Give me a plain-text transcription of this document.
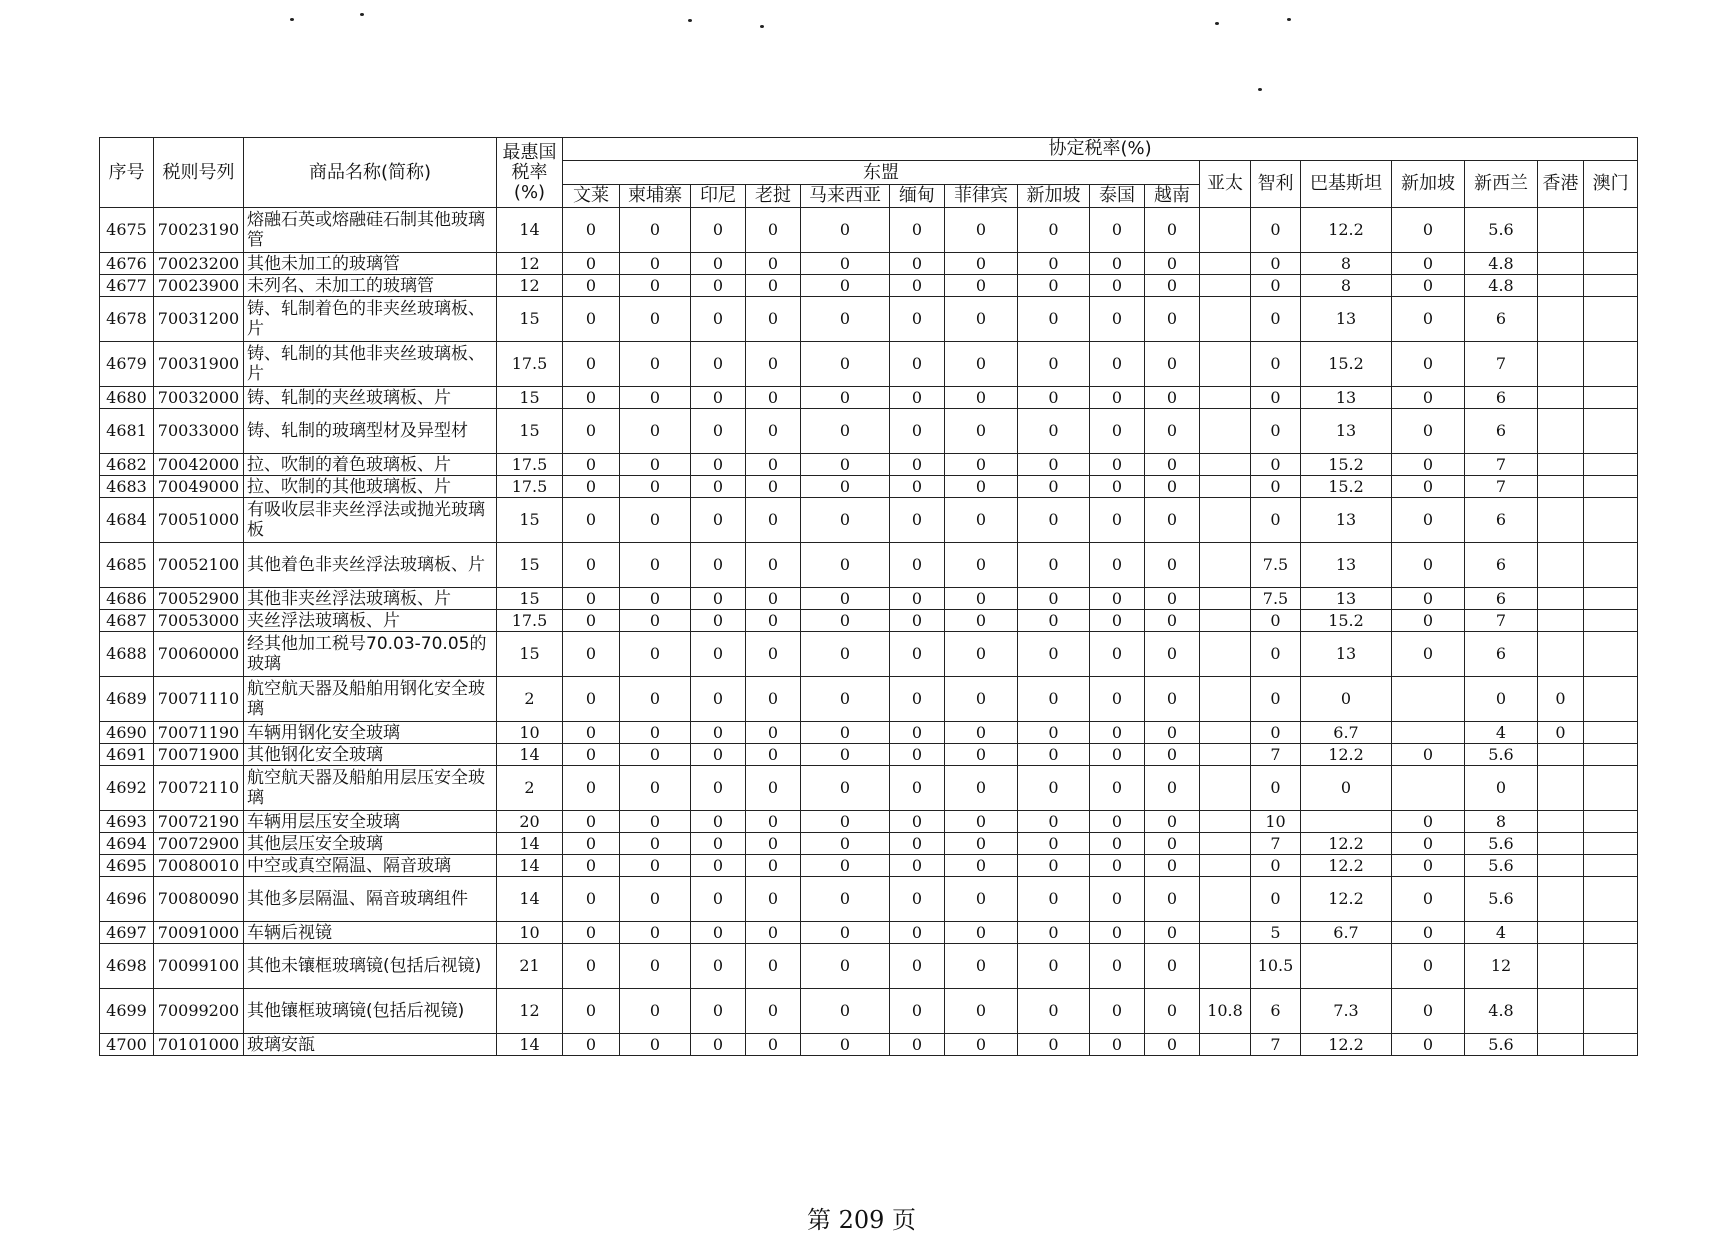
序号	税则号列	商品名称(简称)	最惠国税率(%)	协定税率(%)																
				东盟										亚太	智利	巴基斯坦	新加坡	新西兰	香港	澳门
				文莱	柬埔寨	印尼	老挝	马来西亚	缅甸	菲律宾	新加坡	泰国	越南							
4675	70023190	熔融石英或熔融硅石制其他玻璃管	14	0	0	0	0	0	0	0	0	0	0		0	12.2	0	5.6		
4676	70023200	其他未加工的玻璃管	12	0	0	0	0	0	0	0	0	0	0		0	8	0	4.8		
4677	70023900	未列名、未加工的玻璃管	12	0	0	0	0	0	0	0	0	0	0		0	8	0	4.8		
4678	70031200	铸、轧制着色的非夹丝玻璃板、片	15	0	0	0	0	0	0	0	0	0	0		0	13	0	6		
4679	70031900	铸、轧制的其他非夹丝玻璃板、片	17.5	0	0	0	0	0	0	0	0	0	0		0	15.2	0	7		
4680	70032000	铸、轧制的夹丝玻璃板、片	15	0	0	0	0	0	0	0	0	0	0		0	13	0	6		
4681	70033000	铸、轧制的玻璃型材及异型材	15	0	0	0	0	0	0	0	0	0	0		0	13	0	6		
4682	70042000	拉、吹制的着色玻璃板、片	17.5	0	0	0	0	0	0	0	0	0	0		0	15.2	0	7		
4683	70049000	拉、吹制的其他玻璃板、片	17.5	0	0	0	0	0	0	0	0	0	0		0	15.2	0	7		
4684	70051000	有吸收层非夹丝浮法或抛光玻璃板	15	0	0	0	0	0	0	0	0	0	0		0	13	0	6		
4685	70052100	其他着色非夹丝浮法玻璃板、片	15	0	0	0	0	0	0	0	0	0	0		7.5	13	0	6		
4686	70052900	其他非夹丝浮法玻璃板、片	15	0	0	0	0	0	0	0	0	0	0		7.5	13	0	6		
4687	70053000	夹丝浮法玻璃板、片	17.5	0	0	0	0	0	0	0	0	0	0		0	15.2	0	7		
4688	70060000	经其他加工税号70.03-70.05的玻璃	15	0	0	0	0	0	0	0	0	0	0		0	13	0	6		
4689	70071110	航空航天器及船舶用钢化安全玻璃	2	0	0	0	0	0	0	0	0	0	0		0	0		0	0	
4690	70071190	车辆用钢化安全玻璃	10	0	0	0	0	0	0	0	0	0	0		0	6.7		4	0	
4691	70071900	其他钢化安全玻璃	14	0	0	0	0	0	0	0	0	0	0		7	12.2	0	5.6		
4692	70072110	航空航天器及船舶用层压安全玻璃	2	0	0	0	0	0	0	0	0	0	0		0	0		0		
4693	70072190	车辆用层压安全玻璃	20	0	0	0	0	0	0	0	0	0	0		10		0	8		
4694	70072900	其他层压安全玻璃	14	0	0	0	0	0	0	0	0	0	0		7	12.2	0	5.6		
4695	70080010	中空或真空隔温、隔音玻璃	14	0	0	0	0	0	0	0	0	0	0		0	12.2	0	5.6		
4696	70080090	其他多层隔温、隔音玻璃组件	14	0	0	0	0	0	0	0	0	0	0		0	12.2	0	5.6		
4697	70091000	车辆后视镜	10	0	0	0	0	0	0	0	0	0	0		5	6.7	0	4		
4698	70099100	其他未镶框玻璃镜(包括后视镜)	21	0	0	0	0	0	0	0	0	0	0		10.5		0	12		
4699	70099200	其他镶框玻璃镜(包括后视镜)	12	0	0	0	0	0	0	0	0	0	0	10.8	6	7.3	0	4.8		
4700	70101000	玻璃安瓿	14	0	0	0	0	0	0	0	0	0	0		7	12.2	0	5.6		
第 209 页
